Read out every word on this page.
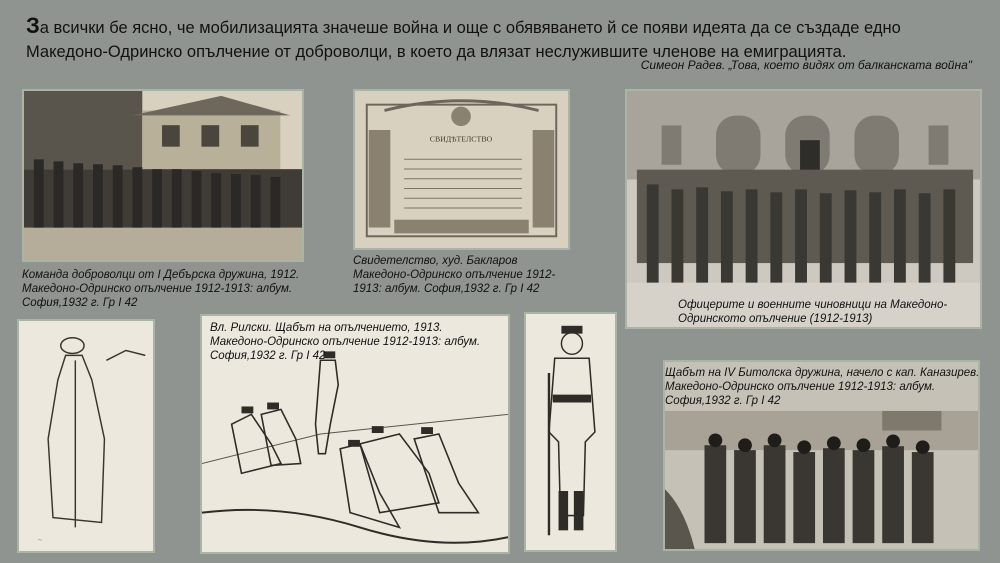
За всички бе ясно, че мобилизацията значеше война и още с обявяването й се появи идеята да се създаде едно Македоно-Одринско опълчение от доброволци, в което да влязат неслужившите членове на емиграцията.
Симеон Радев. „Това, което видях от балканската война"
Команда доброволци от I Дебърска дружина, 1912. Македоно-Одринско опълчение 1912-1913: албум. София,1932 г. Гр I 42
СВИДѢТЕЛСТВО
Свидетелство, худ. Бакларов Македоно-Одринско опълчение 1912-1913: албум. София,1932 г. Гр I 42
Офицерите и военните чиновници на Македоно-Одринското опълчение (1912-1913)
~
Вл. Рилски. Щабът на опълчението, 1913. Македоно-Одринско опълчение 1912-1913: албум. София,1932 г. Гр I 42
Щабът на IV Битолска дружина, начело с кап. Каназирев. Македоно-Одринско опълчение 1912-1913: албум. София,1932 г. Гр I 42
